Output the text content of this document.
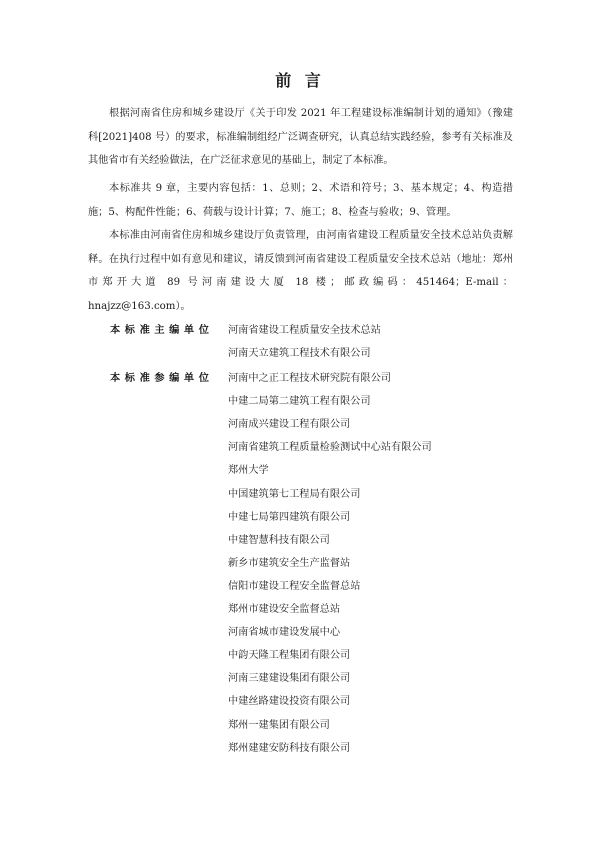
前 言

根据河南省住房和城乡建设厅《关于印发 2021 年工程建设标准编制计划的通知》（豫建科[2021]408 号）的要求，标准编制组经广泛调查研究，认真总结实践经验，参考有关标准及其他省市有关经验做法，在广泛征求意见的基础上，制定了本标准。

本标准共 9 章，主要内容包括：1、总则；2、术语和符号；3、基本规定；4、构造措施；5、构配件性能；6、荷载与设计计算；7、施工；8、检查与验收；9、管理。

本标准由河南省住房和城乡建设厅负责管理，由河南省建设工程质量安全技术总站负责解释。在执行过程中如有意见和建议，请反馈到河南省建设工程质量安全技术总站（地址：郑州市郑开大道 89 号河南建设大厦 18 楼；邮政编码：451464；E-mail：hnajzz@163.com）。

本标准主编单位
本标准参编单位
河南省建设工程质量安全技术总站
河南天立建筑工程技术有限公司
河南中之正工程技术研究院有限公司
中建二局第二建筑工程有限公司
河南成兴建设工程有限公司
河南省建筑工程质量检验测试中心站有限公司
郑州大学
中国建筑第七工程局有限公司
中建七局第四建筑有限公司
中建智慧科技有限公司
新乡市建筑安全生产监督站
信阳市建设工程安全监督总站
郑州市建设安全监督总站
河南省城市建设发展中心
中韵天隆工程集团有限公司
河南三建建设集团有限公司
中建丝路建设投资有限公司
郑州一建集团有限公司
郑州建建安防科技有限公司
